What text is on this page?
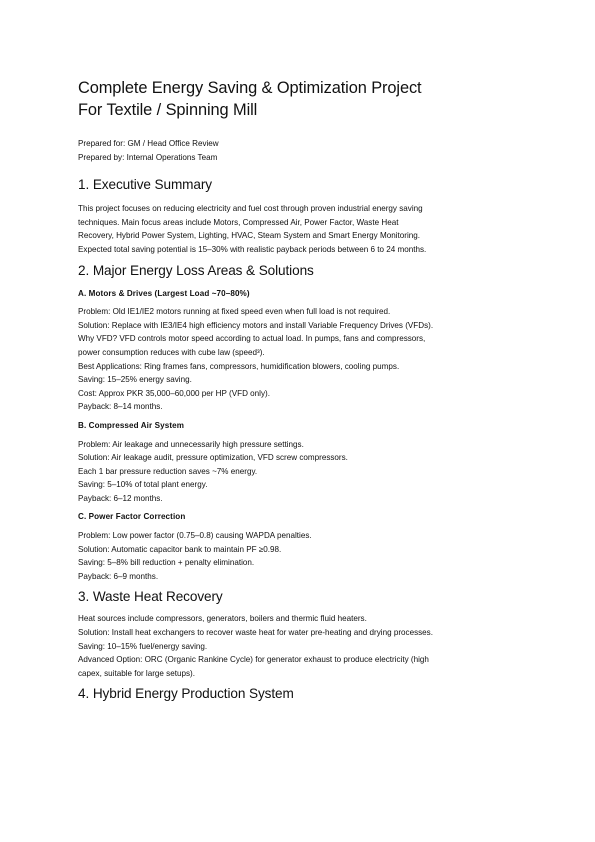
Complete Energy Saving & Optimization Project
For Textile / Spinning Mill
Prepared for: GM / Head Office Review
Prepared by: Internal Operations Team
1. Executive Summary

This project focuses on reducing electricity and fuel cost through proven industrial energy saving
techniques. Main focus areas include Motors, Compressed Air, Power Factor, Waste Heat
Recovery, Hybrid Power System, Lighting, HVAC, Steam System and Smart Energy Monitoring.
Expected total saving potential is 15–30% with realistic payback periods between 6 to 24 months.

2. Major Energy Loss Areas & Solutions
A. Motors & Drives (Largest Load ~70–80%)

Problem: Old IE1/IE2 motors running at fixed speed even when full load is not required.
Solution: Replace with IE3/IE4 high efficiency motors and install Variable Frequency Drives (VFDs).
Why VFD? VFD controls motor speed according to actual load. In pumps, fans and compressors,
power consumption reduces with cube law (speed³).
Best Applications: Ring frames fans, compressors, humidification blowers, cooling pumps.
Saving: 15–25% energy saving.
Cost: Approx PKR 35,000–60,000 per HP (VFD only).
Payback: 8–14 months.

B. Compressed Air System

Problem: Air leakage and unnecessarily high pressure settings.
Solution: Air leakage audit, pressure optimization, VFD screw compressors.
Each 1 bar pressure reduction saves ~7% energy.
Saving: 5–10% of total plant energy.
Payback: 6–12 months.

C. Power Factor Correction

Problem: Low power factor (0.75–0.8) causing WAPDA penalties.
Solution: Automatic capacitor bank to maintain PF ≥0.98.
Saving: 5–8% bill reduction + penalty elimination.
Payback: 6–9 months.

3. Waste Heat Recovery

Heat sources include compressors, generators, boilers and thermic fluid heaters.
Solution: Install heat exchangers to recover waste heat for water pre-heating and drying processes.
Saving: 10–15% fuel/energy saving.
Advanced Option: ORC (Organic Rankine Cycle) for generator exhaust to produce electricity (high
capex, suitable for large setups).

4. Hybrid Energy Production System
